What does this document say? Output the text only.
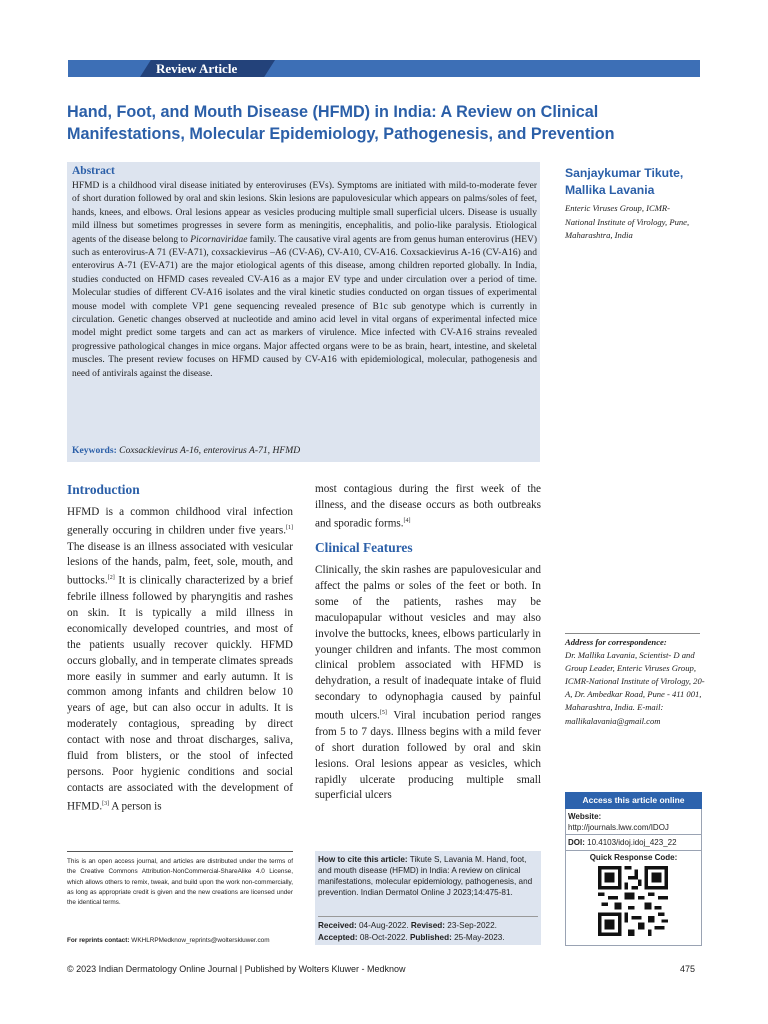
Review Article
Hand, Foot, and Mouth Disease (HFMD) in India: A Review on Clinical Manifestations, Molecular Epidemiology, Pathogenesis, and Prevention
Abstract
HFMD is a childhood viral disease initiated by enteroviruses (EVs). Symptoms are initiated with mild-to-moderate fever of short duration followed by oral and skin lesions. Skin lesions are papulovesicular which appears on palms/soles of feet, hands, knees, and elbows. Oral lesions appear as vesicles producing multiple small superficial ulcers. Disease is usually mild illness but sometimes progresses in severe form as meningitis, encephalitis, and polio-like paralysis. Etiological agents of the disease belong to Picornaviridae family. The causative viral agents are from genus human enterovirus (HEV) such as enterovirus-A 71 (EV-A71), coxsackievirus –A6 (CV-A6), CV-A10, CV-A16. Coxsackievirus A-16 (CV-A16) and enterovirus A-71 (EV-A71) are the major etiological agents of this disease, among children reported globally. In India, studies conducted on HFMD cases revealed CV-A16 as a major EV type and under circulation over a period of time. Molecular studies of different CV-A16 isolates and the viral kinetic studies conducted on organ tissues of experimental mouse model with complete VP1 gene sequencing revealed presence of B1c sub genotype which is currently in circulation. Genetic changes observed at nucleotide and amino acid level in vital organs of experimental infected mice model might predict some targets and can act as markers of virulence. Mice infected with CV-A16 strains revealed progressive pathological changes in mice organs. Major affected organs were to be as brain, heart, intestine, and skeletal muscles. The present review focuses on HFMD caused by CV-A16 with epidemiological, molecular, pathogenesis and need of antivirals against the disease.
Keywords: Coxsackievirus A-16, enterovirus A-71, HFMD
Sanjaykumar Tikute, Mallika Lavania
Enteric Viruses Group, ICMR-National Institute of Virology, Pune, Maharashtra, India
Introduction
HFMD is a common childhood viral infection generally occuring in children under five years.[1] The disease is an illness associated with vesicular lesions of the hands, palm, feet, sole, mouth, and buttocks.[2] It is clinically characterized by a brief febrile illness followed by pharyngitis and rashes on skin. It is typically a mild illness in economically developed countries, and most of the patients usually recover quickly. HFMD occurs globally, and in temperate climates spreads more easily in summer and early autumn. It is common among infants and children below 10 years of age, but can also occur in adults. It is moderately contagious, spreading by direct contact with nose and throat discharges, saliva, fluid from blisters, or the stool of infected persons. Poor hygienic conditions and social contacts are associated with the development of HFMD.[3] A person is
most contagious during the first week of the illness, and the disease occurs as both outbreaks and sporadic forms.[4]
Clinical Features
Clinically, the skin rashes are papulovesicular and affect the palms or soles of the feet or both. In some of the patients, rashes may be maculopapular without vesicles and may also involve the buttocks, knees, elbows particularly in younger children and infants. The most common clinical problem associated with HFMD is dehydration, a result of inadequate intake of fluid secondary to odynophagia caused by painful mouth ulcers.[5] Viral incubation period ranges from 5 to 7 days. Illness begins with a mild fever of short duration followed by oral and skin lesions. Oral lesions appear as vesicles, which rapidly ulcerate producing multiple small superficial ulcers
Address for correspondence:
Dr. Mallika Lavania, Scientist- D and Group Leader, Enteric Viruses Group, ICMR-National Institute of Virology, 20-A, Dr. Ambedkar Road, Pune - 411 001, Maharashtra, India. E-mail: mallikalavania@gmail.com
Access this article online
Website: http://journals.lww.com/IDOJ
DOI: 10.4103/idoj.idoj_423_22
Quick Response Code:
This is an open access journal, and articles are distributed under the terms of the Creative Commons Attribution-NonCommercial-ShareAlike 4.0 License, which allows others to remix, tweak, and build upon the work non-commercially, as long as appropriate credit is given and the new creations are licensed under the identical terms.
For reprints contact: WKHLRPMedknow_reprints@wolterskluwer.com
How to cite this article: Tikute S, Lavania M. Hand, foot, and mouth disease (HFMD) in India: A review on clinical manifestations, molecular epidemiology, pathogenesis, and prevention. Indian Dermatol Online J 2023;14:475-81.
Received: 04-Aug-2022. Revised: 23-Sep-2022.
Accepted: 08-Oct-2022. Published: 25-May-2023.
© 2023 Indian Dermatology Online Journal | Published by Wolters Kluwer - Medknow	475
